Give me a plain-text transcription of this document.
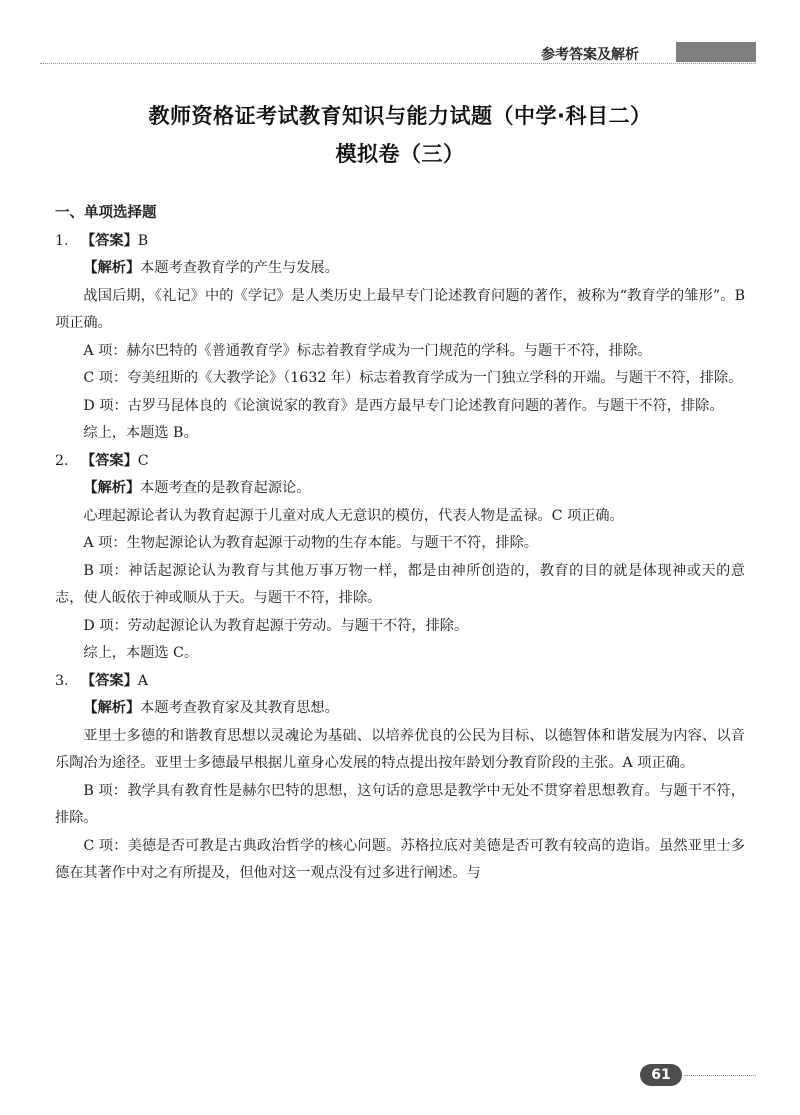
参考答案及解析
教师资格证考试教育知识与能力试题（中学·科目二）
模拟卷（三）
一、单项选择题
1. 【答案】B

【解析】本题考查教育学的产生与发展。

战国后期，《礼记》中的《学记》是人类历史上最早专门论述教育问题的著作，被称为“教育学的雏形”。B 项正确。

A 项：赫尔巴特的《普通教育学》标志着教育学成为一门规范的学科。与题干不符，排除。

C 项：夸美纽斯的《大教学论》（1632 年）标志着教育学成为一门独立学科的开端。与题干不符，排除。

D 项：古罗马昆体良的《论演说家的教育》是西方最早专门论述教育问题的著作。与题干不符，排除。

综上，本题选 B。

2. 【答案】C

【解析】本题考查的是教育起源论。

心理起源论者认为教育起源于儿童对成人无意识的模仿，代表人物是孟禄。C 项正确。

A 项：生物起源论认为教育起源于动物的生存本能。与题干不符，排除。

B 项：神话起源论认为教育与其他万事万物一样，都是由神所创造的，教育的目的就是体现神或天的意志，使人皈依于神或顺从于天。与题干不符，排除。

D 项：劳动起源论认为教育起源于劳动。与题干不符，排除。

综上，本题选 C。

3. 【答案】A

【解析】本题考查教育家及其教育思想。

亚里士多德的和谐教育思想以灵魂论为基础、以培养优良的公民为目标、以德智体和谐发展为内容、以音乐陶冶为途径。亚里士多德最早根据儿童身心发展的特点提出按年龄划分教育阶段的主张。A 项正确。

B 项：教学具有教育性是赫尔巴特的思想，这句话的意思是教学中无处不贯穿着思想教育。与题干不符，排除。

C 项：美德是否可教是古典政治哲学的核心问题。苏格拉底对美德是否可教有较高的造诣。虽然亚里士多德在其著作中对之有所提及，但他对这一观点没有过多进行阐述。与

61
